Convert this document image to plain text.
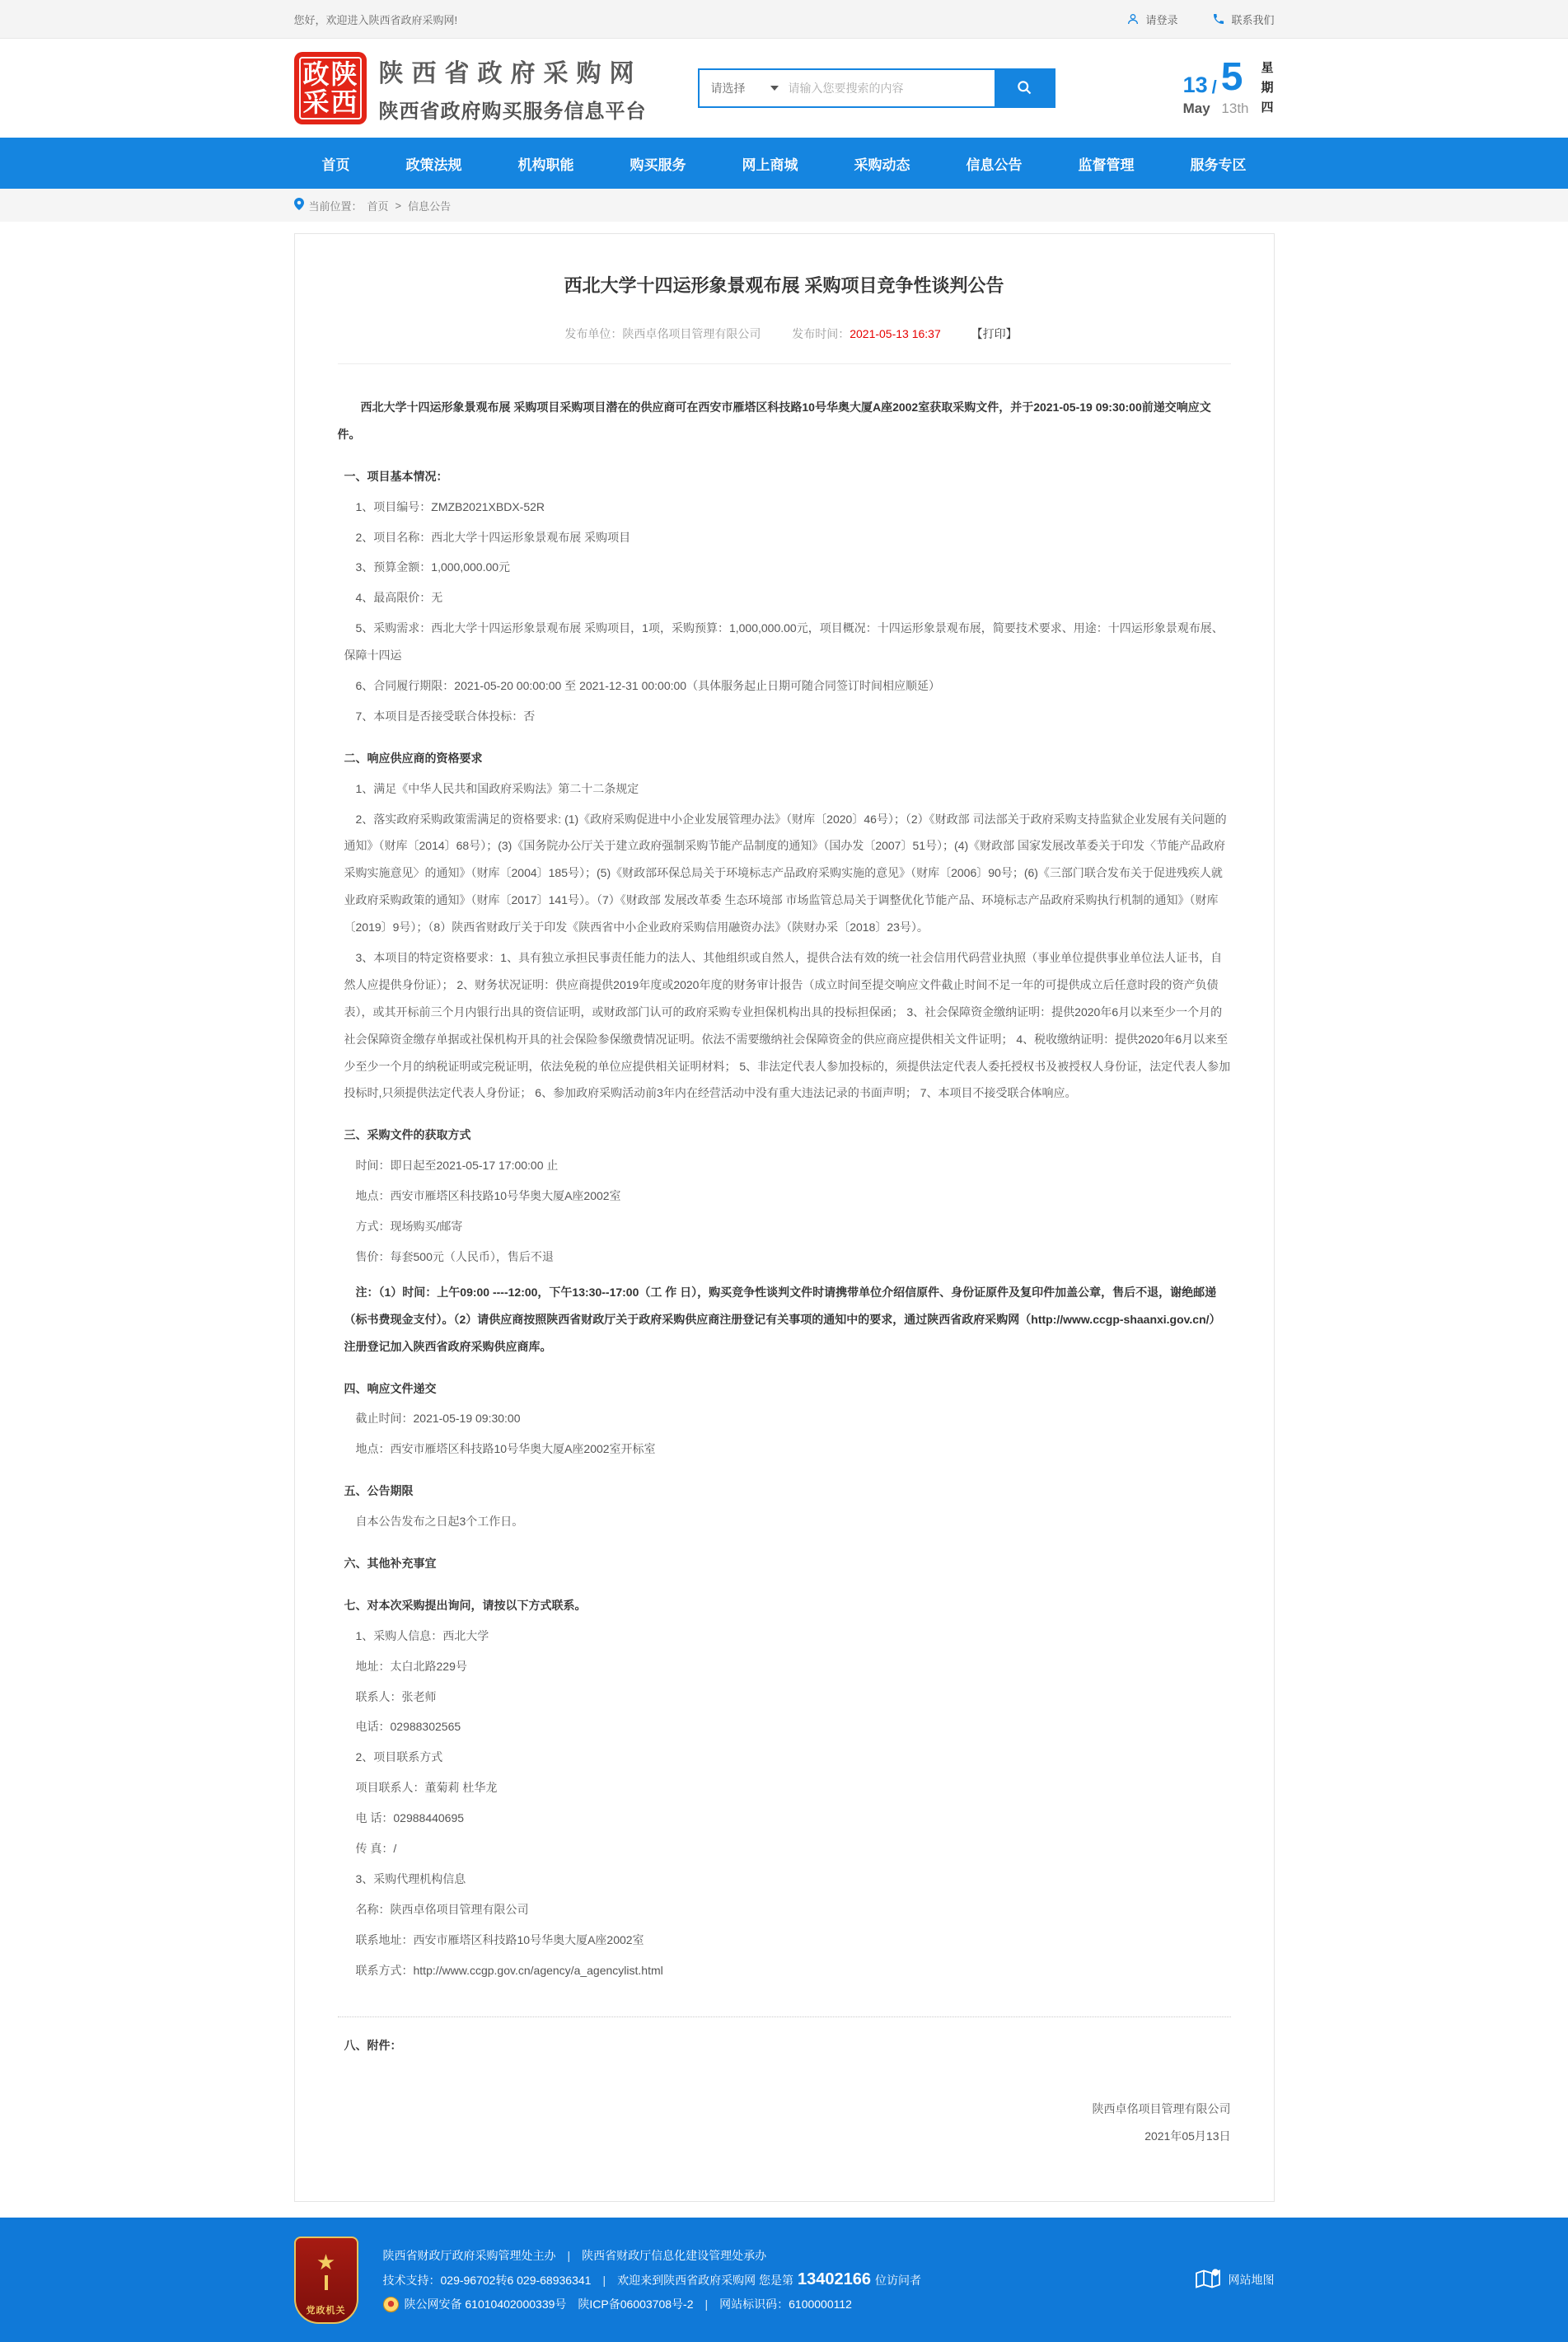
您好，欢迎进入陕西省政府采购网!	请登录	联系我们
政 陕
采 西
陕西省政府采购网
陕西省政府购买服务信息平台
请选择
请输入您要搜索的内容	13 / 5
May 13th
星期四
首页	政策法规	机构职能	购买服务	网上商城	采购动态	信息公告	监督管理	服务专区
当前位置： 首页 > 信息公告
西北大学十四运形象景观布展 采购项目竞争性谈判公告
发布单位：陕西卓佲项目管理有限公司	发布时间：2021-05-13 16:37	【打印】

西北大学十四运形象景观布展 采购项目采购项目潜在的供应商可在西安市雁塔区科技路10号华奥大厦A座2002室获取采购文件，并于2021-05-19 09:30:00前递交响应文件。

一、项目基本情况：
1、项目编号：ZMZB2021XBDX-52R
2、项目名称：西北大学十四运形象景观布展 采购项目
3、预算金额：1,000,000.00元
4、最高限价：无
5、采购需求：西北大学十四运形象景观布展 采购项目，1项，采购预算：1,000,000.00元，项目概况：十四运形象景观布展，简要技术要求、用途：十四运形象景观布展、保障十四运
6、合同履行期限：2021-05-20 00:00:00 至 2021-12-31 00:00:00（具体服务起止日期可随合同签订时间相应顺延）
7、本项目是否接受联合体投标：否
二、响应供应商的资格要求
1、满足《中华人民共和国政府采购法》第二十二条规定
2、落实政府采购政策需满足的资格要求: (1)《政府采购促进中小企业发展管理办法》（财库〔2020〕46号）；（2）《财政部 司法部关于政府采购支持监狱企业发展有关问题的通知》（财库〔2014〕68号）；(3)《国务院办公厅关于建立政府强制采购节能产品制度的通知》（国办发〔2007〕51号）；(4)《财政部 国家发展改革委关于印发〈节能产品政府采购实施意见〉的通知》（财库〔2004〕185号）；(5)《财政部环保总局关于环境标志产品政府采购实施的意见》（财库〔2006〕90号；(6)《三部门联合发布关于促进残疾人就业政府采购政策的通知》（财库〔2017〕141号）。（7）《财政部 发展改革委 生态环境部 市场监管总局关于调整优化节能产品、环境标志产品政府采购执行机制的通知》（财库〔2019〕9号）；（8）陕西省财政厅关于印发《陕西省中小企业政府采购信用融资办法》（陕财办采〔2018〕23号）。
3、本项目的特定资格要求：1、具有独立承担民事责任能力的法人、其他组织或自然人，提供合法有效的统一社会信用代码营业执照（事业单位提供事业单位法人证书，自然人应提供身份证）； 2、财务状况证明：供应商提供2019年度或2020年度的财务审计报告（成立时间至提交响应文件截止时间不足一年的可提供成立后任意时段的资产负债表），或其开标前三个月内银行出具的资信证明，或财政部门认可的政府采购专业担保机构出具的投标担保函； 3、社会保障资金缴纳证明：提供2020年6月以来至少一个月的社会保障资金缴存单据或社保机构开具的社会保险参保缴费情况证明。依法不需要缴纳社会保障资金的供应商应提供相关文件证明； 4、税收缴纳证明：提供2020年6月以来至少至少一个月的纳税证明或完税证明，依法免税的单位应提供相关证明材料； 5、非法定代表人参加投标的，须提供法定代表人委托授权书及被授权人身份证，法定代表人参加投标时,只须提供法定代表人身份证； 6、参加政府采购活动前3年内在经营活动中没有重大违法记录的书面声明； 7、本项目不接受联合体响应。
三、采购文件的获取方式
时间：即日起至2021-05-17 17:00:00 止
地点：西安市雁塔区科技路10号华奥大厦A座2002室
方式：现场购买/邮寄
售价：每套500元（人民币），售后不退
注：（1）时间：上午09:00 ----12:00，下午13:30--17:00（工 作 日），购买竞争性谈判文件时请携带单位介绍信原件、身份证原件及复印件加盖公章，售后不退，谢绝邮递（标书费现金支付）。（2）请供应商按照陕西省财政厅关于政府采购供应商注册登记有关事项的通知中的要求，通过陕西省政府采购网（http://www.ccgp-shaanxi.gov.cn/）注册登记加入陕西省政府采购供应商库。
四、响应文件递交
截止时间：2021-05-19 09:30:00
地点：西安市雁塔区科技路10号华奥大厦A座2002室开标室
五、公告期限
自本公告发布之日起3个工作日。
六、其他补充事宜
七、对本次采购提出询问，请按以下方式联系。
1、采购人信息：西北大学
地址：太白北路229号
联系人：张老师
电话：02988302565
2、项目联系方式
项目联系人：董菊莉 杜华龙
电 话：02988440695
传 真：/
3、采购代理机构信息
名称：陕西卓佲项目管理有限公司
联系地址：西安市雁塔区科技路10号华奥大厦A座2002室
联系方式：http://www.ccgp.gov.cn/agency/a_agencylist.html
八、附件：
陕西卓佲项目管理有限公司
2021年05月13日
★
党政机关
陕西省财政厅政府采购管理处主办 | 陕西省财政厅信息化建设管理处承办
技术支持：029-96702转6 029-68936341 | 欢迎来到陕西省政府采购网 您是第 13402166 位访问者
陕公网安备 61010402000339号 陕ICP备06003708号-2 | 网站标识码： 6100000112
网站地图
